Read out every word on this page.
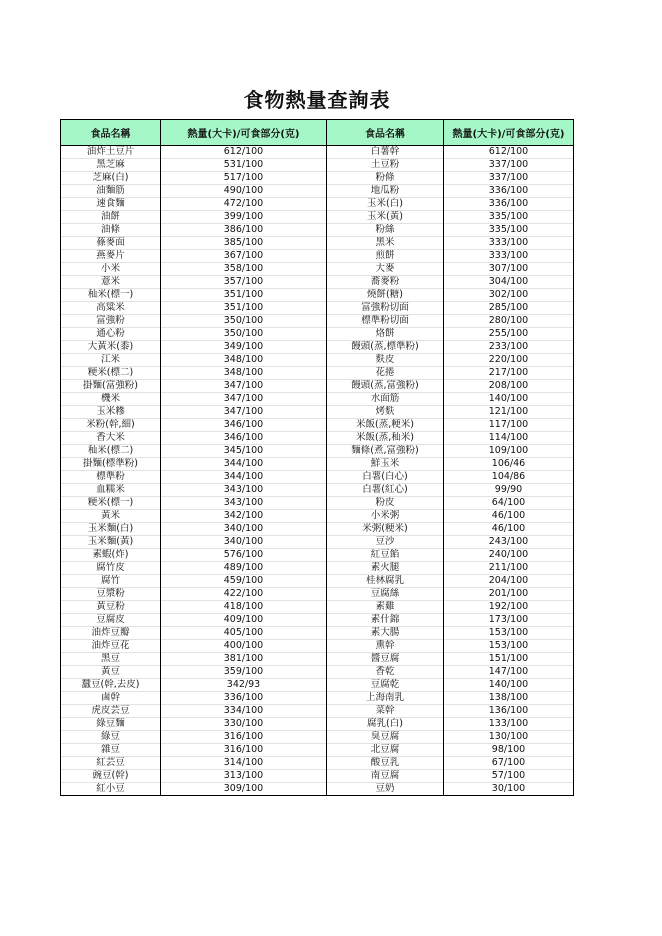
食物熱量查詢表
食品名稱	熱量(大卡)/可食部分(克)	食品名稱	熱量(大卡)/可食部分(克)
油炸土豆片	612/100	白薯幹	612/100
黑芝麻	531/100	土豆粉	337/100
芝麻(白)	517/100	粉條	337/100
油麵筋	490/100	地瓜粉	336/100
速食麵	472/100	玉米(白)	336/100
油餅	399/100	玉米(黃)	335/100
油條	386/100	粉絲	335/100
蓧麥面	385/100	黑米	333/100
燕麥片	367/100	煎餅	333/100
小米	358/100	大麥	307/100
薏米	357/100	蕎麥粉	304/100
秈米(標一)	351/100	燒餅(糖)	302/100
高粱米	351/100	富強粉切面	285/100
富強粉	350/100	標準粉切面	280/100
通心粉	350/100	烙餅	255/100
大黃米(黍)	349/100	饅頭(蒸,標準粉)	233/100
江米	348/100	麩皮	220/100
粳米(標二)	348/100	花捲	217/100
掛麵(富強粉)	347/100	饅頭(蒸,富強粉)	208/100
機米	347/100	水面筋	140/100
玉米糝	347/100	烤麩	121/100
米粉(幹,細)	346/100	米飯(蒸,粳米)	117/100
香大米	346/100	米飯(蒸,秈米)	114/100
秈米(標二)	345/100	麵條(煮,富強粉)	109/100
掛麵(標準粉)	344/100	鮮玉米	106/46
標準粉	344/100	白薯(白心)	104/86
血糯米	343/100	白薯(紅心)	99/90
粳米(標一)	343/100	粉皮	64/100
黃米	342/100	小米粥	46/100
玉米麵(白)	340/100	米粥(粳米)	46/100
玉米麵(黃)	340/100	豆沙	243/100
素蝦(炸)	576/100	紅豆餡	240/100
腐竹皮	489/100	素火腿	211/100
腐竹	459/100	桂林腐乳	204/100
豆漿粉	422/100	豆腐絲	201/100
黃豆粉	418/100	素雞	192/100
豆腐皮	409/100	素什錦	173/100
油炸豆瓣	405/100	素大腸	153/100
油炸豆花	400/100	熏幹	153/100
黑豆	381/100	醬豆腐	151/100
黃豆	359/100	香乾	147/100
蠶豆(幹,去皮)	342/93	豆腐乾	140/100
鹵幹	336/100	上海南乳	138/100
虎皮芸豆	334/100	菜幹	136/100
綠豆麵	330/100	腐乳(白)	133/100
綠豆	316/100	臭豆腐	130/100
雜豆	316/100	北豆腐	98/100
紅芸豆	314/100	酸豆乳	67/100
豌豆(幹)	313/100	南豆腐	57/100
紅小豆	309/100	豆奶	30/100
